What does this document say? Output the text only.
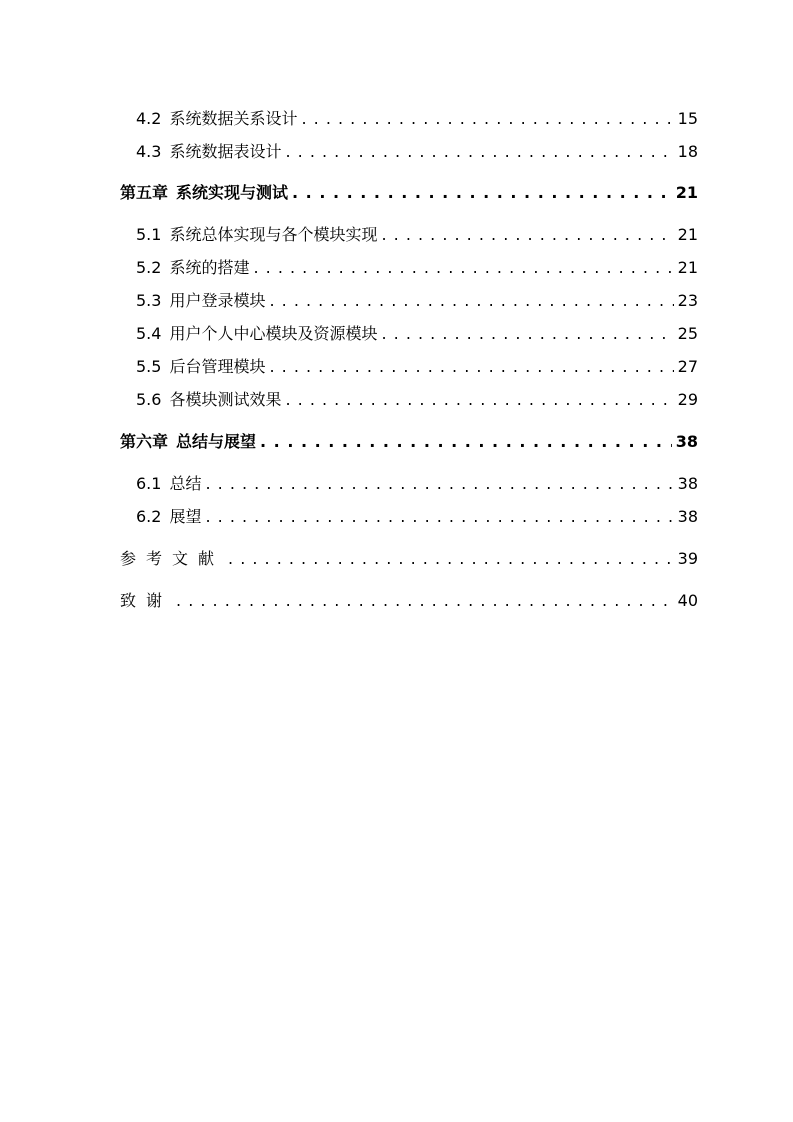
4.2 系统数据关系设计 . . .	15
4.3 系统数据表设计 . . .	18
第五章 系统实现与测试 . . .	21
5.1 系统总体实现与各个模块实现 . . .	21
5.2 系统的搭建 . . .	21
5.3 用户登录模块 . . .	23
5.4 用户个人中心模块及资源模块 . . .	25
5.5 后台管理模块 . . .	27
5.6 各模块测试效果 . . .	29
第六章 总结与展望 . . .	38
6.1 总结 . . .	38
6.2 展望 . . .	38
参考文献 . . .	39
致谢 . . .	40
